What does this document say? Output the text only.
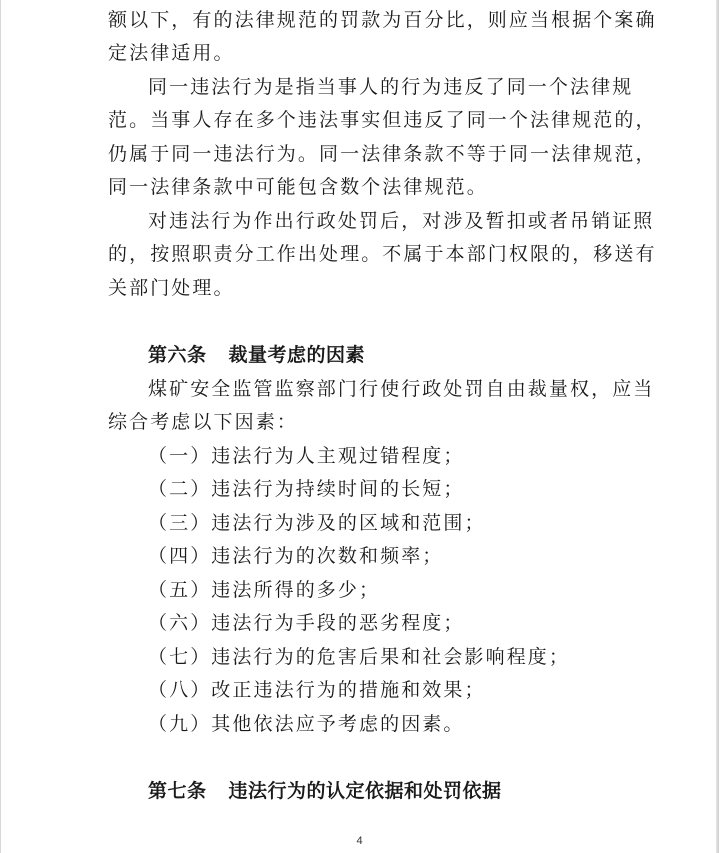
额以下，有的法律规范的罚款为百分比，则应当根据个案确
定法律适用。
同一违法行为是指当事人的行为违反了同一个法律规
范。当事人存在多个违法事实但违反了同一个法律规范的，
仍属于同一违法行为。同一法律条款不等于同一法律规范，
同一法律条款中可能包含数个法律规范。
对违法行为作出行政处罚后，对涉及暂扣或者吊销证照
的，按照职责分工作出处理。不属于本部门权限的，移送有
关部门处理。
第六条 裁量考虑的因素
煤矿安全监管监察部门行使行政处罚自由裁量权，应当
综合考虑以下因素：
（一）违法行为人主观过错程度；
（二）违法行为持续时间的长短；
（三）违法行为涉及的区域和范围；
（四）违法行为的次数和频率；
（五）违法所得的多少；
（六）违法行为手段的恶劣程度；
（七）违法行为的危害后果和社会影响程度；
（八）改正违法行为的措施和效果；
（九）其他依法应予考虑的因素。
第七条 违法行为的认定依据和处罚依据
4
